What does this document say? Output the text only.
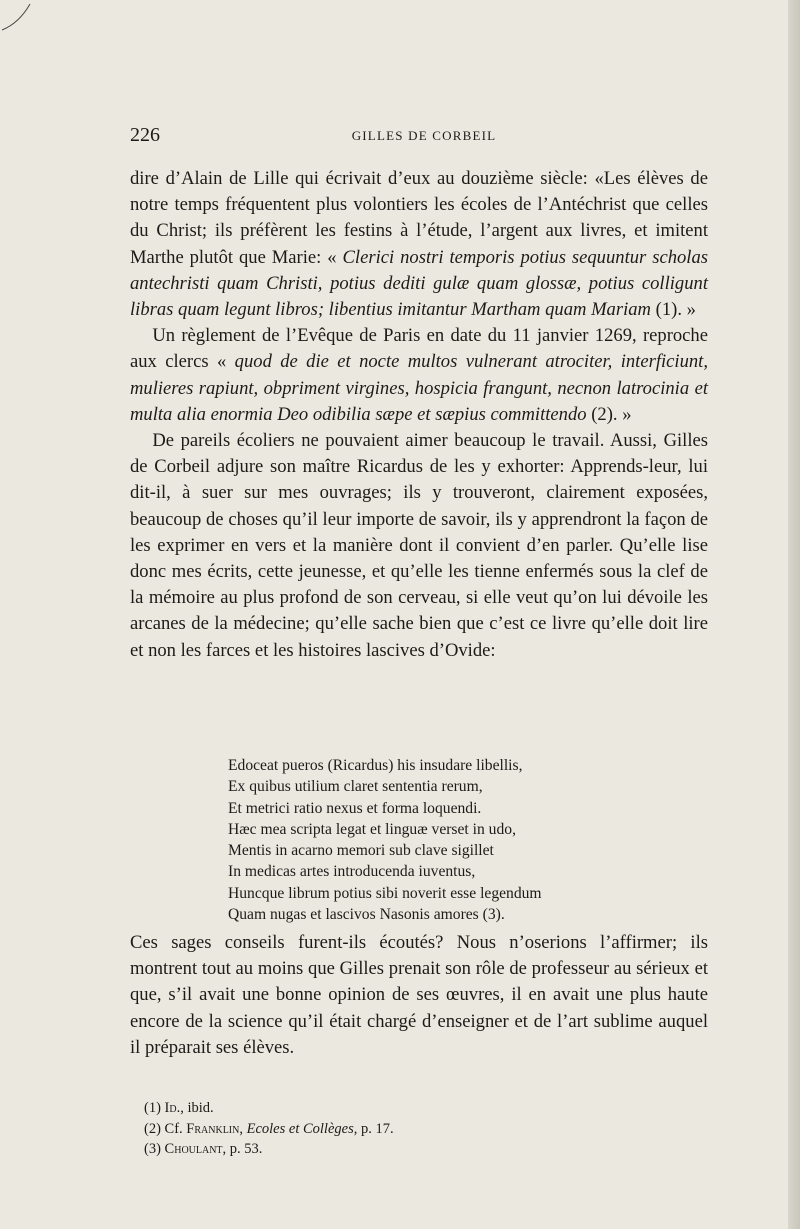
226	GILLES DE CORBEIL

dire d’Alain de Lille qui écrivait d’eux au douzième siècle: «Les élèves de notre temps fréquentent plus volontiers les écoles de l’Antéchrist que celles du Christ; ils préfèrent les festins à l’étude, l’argent aux livres, et imitent Marthe plutôt que Marie: « Clerici nostri temporis potius sequuntur scholas antechristi quam Christi, potius dediti gulæ quam glossæ, potius colligunt libras quam legunt libros; libentius imitantur Martham quam Mariam (1). »

Un règlement de l’Evêque de Paris en date du 11 janvier 1269, reproche aux clercs « quod de die et nocte multos vulnerant atrociter, interficiunt, mulieres rapiunt, obpriment virgines, hospicia frangunt, necnon latrocinia et multa alia enormia Deo odibilia sæpe et sæpius committendo (2). »

De pareils écoliers ne pouvaient aimer beaucoup le travail. Aussi, Gilles de Corbeil adjure son maître Ricardus de les y exhorter: Apprends-leur, lui dit-il, à suer sur mes ouvrages; ils y trouveront, clairement exposées, beaucoup de choses qu’il leur importe de savoir, ils y apprendront la façon de les exprimer en vers et la manière dont il convient d’en parler. Qu’elle lise donc mes écrits, cette jeunesse, et qu’elle les tienne enfermés sous la clef de la mémoire au plus profond de son cerveau, si elle veut qu’on lui dévoile les arcanes de la médecine; qu’elle sache bien que c’est ce livre qu’elle doit lire et non les farces et les histoires lascives d’Ovide:

Edoceat pueros (Ricardus) his insudare libellis,
Ex quibus utilium claret sententia rerum,
Et metrici ratio nexus et forma loquendi.
Hæc mea scripta legat et linguæ verset in udo,
Mentis in acarno memori sub clave sigillet
In medicas artes introducenda iuventus,
Huncque librum potius sibi noverit esse legendum
Quam nugas et lascivos Nasonis amores (3).

Ces sages conseils furent-ils écoutés? Nous n’oserions l’affirmer; ils montrent tout au moins que Gilles prenait son rôle de professeur au sérieux et que, s’il avait une bonne opinion de ses œuvres, il en avait une plus haute encore de la science qu’il était chargé d’enseigner et de l’art sublime auquel il préparait ses élèves.

(1) Id., ibid.
(2) Cf. Franklin, Ecoles et Collèges, p. 17.
(3) Choulant, p. 53.
